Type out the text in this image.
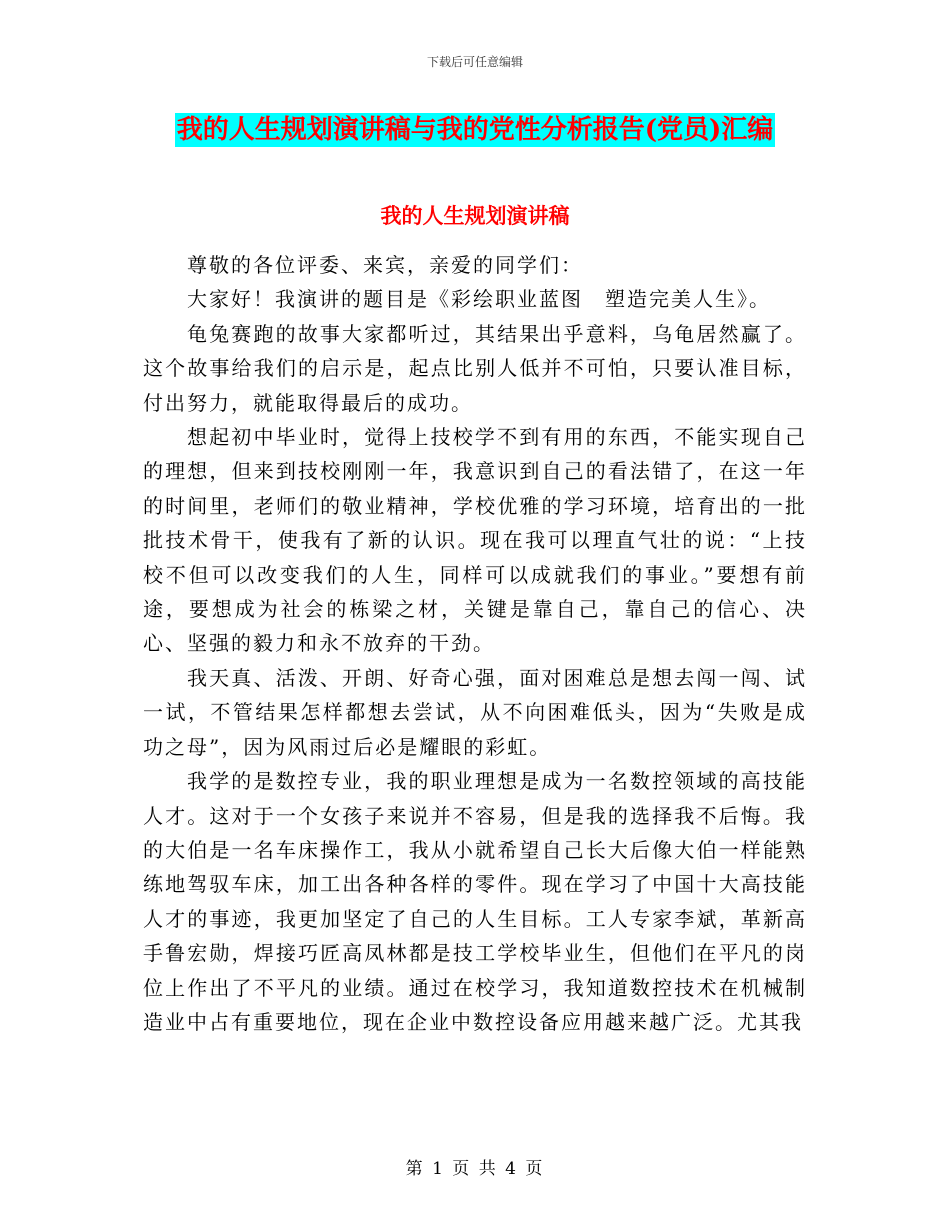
下载后可任意编辑
我的人生规划演讲稿与我的党性分析报告(党员)汇编
我的人生规划演讲稿

尊敬的各位评委、来宾，亲爱的同学们：

大家好！我演讲的题目是《彩绘职业蓝图　塑造完美人生》。

龟兔赛跑的故事大家都听过，其结果出乎意料，乌龟居然赢了。这个故事给我们的启示是，起点比别人低并不可怕，只要认准目标，付出努力，就能取得最后的成功。

想起初中毕业时，觉得上技校学不到有用的东西，不能实现自己的理想，但来到技校刚刚一年，我意识到自己的看法错了，在这一年的时间里，老师们的敬业精神，学校优雅的学习环境，培育出的一批批技术骨干，使我有了新的认识。现在我可以理直气壮的说：“上技校不但可以改变我们的人生，同样可以成就我们的事业。”要想有前途，要想成为社会的栋梁之材，关键是靠自己，靠自己的信心、决心、坚强的毅力和永不放弃的干劲。

我天真、活泼、开朗、好奇心强，面对困难总是想去闯一闯、试一试，不管结果怎样都想去尝试，从不向困难低头，因为“失败是成功之母”，因为风雨过后必是耀眼的彩虹。

我学的是数控专业，我的职业理想是成为一名数控领域的高技能人才。这对于一个女孩子来说并不容易，但是我的选择我不后悔。我的大伯是一名车床操作工，我从小就希望自己长大后像大伯一样能熟练地驾驭车床，加工出各种各样的零件。现在学习了中国十大高技能人才的事迹，我更加坚定了自己的人生目标。工人专家李斌，革新高手鲁宏勋，焊接巧匠高凤林都是技工学校毕业生，但他们在平凡的岗位上作出了不平凡的业绩。通过在校学习，我知道数控技术在机械制造业中占有重要地位，现在企业中数控设备应用越来越广泛。尤其我

第 1 页 共 4 页
